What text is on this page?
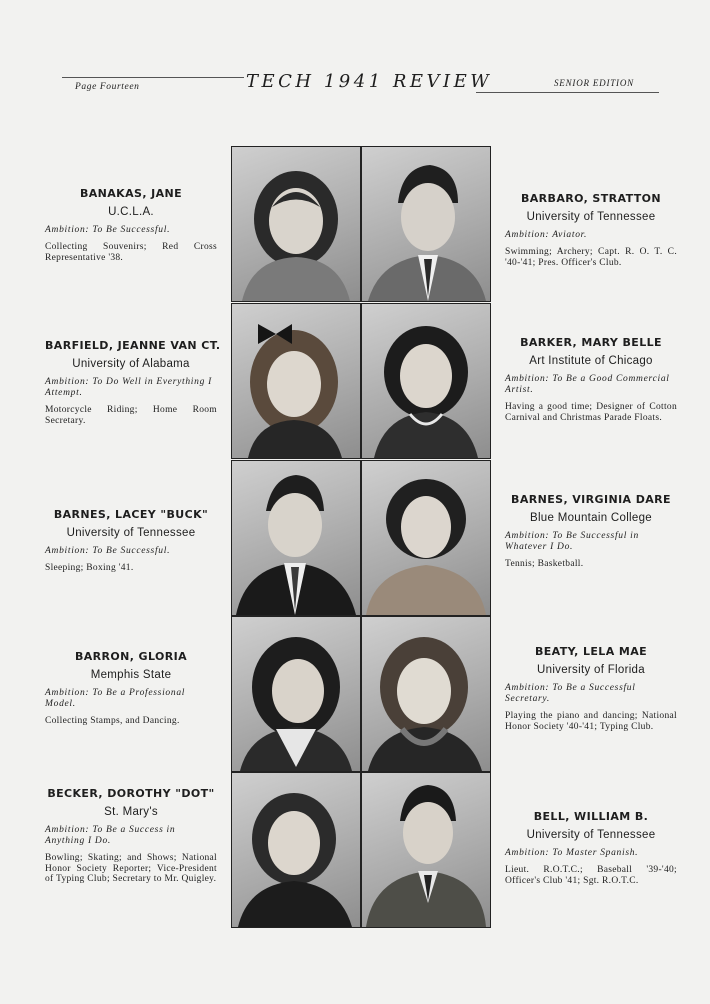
Page Fourteen	TECH 1941 REVIEW	SENIOR EDITION

BANAKAS, JANE

U.C.L.A.

Ambition: To Be Successful.

Collecting Souvenirs; Red Cross Representative '38.

BARBARO, STRATTON

University of Tennessee

Ambition: Aviator.

Swimming; Archery; Capt. R. O. T. C. '40-'41; Pres. Officer's Club.

BARFIELD, JEANNE VAN CT.

University of Alabama

Ambition: To Do Well in Everything I Attempt.

Motorcycle Riding; Home Room Secretary.

BARKER, MARY BELLE

Art Institute of Chicago

Ambition: To Be a Good Commercial Artist.

Having a good time; Designer of Cotton Carnival and Christmas Parade Floats.

BARNES, LACEY "BUCK"

University of Tennessee

Ambition: To Be Successful.

Sleeping; Boxing '41.

BARNES, VIRGINIA DARE

Blue Mountain College

Ambition: To Be Successful in Whatever I Do.

Tennis; Basketball.

BARRON, GLORIA

Memphis State

Ambition: To Be a Professional Model.

Collecting Stamps, and Dancing.

BEATY, LELA MAE

University of Florida

Ambition: To Be a Successful Secretary.

Playing the piano and dancing; National Honor Society '40-'41; Typing Club.

BECKER, DOROTHY "DOT"

St. Mary's

Ambition: To Be a Success in Anything I Do.

Bowling; Skating; and Shows; National Honor Society Reporter; Vice-President of Typing Club; Secretary to Mr. Quigley.

BELL, WILLIAM B.

University of Tennessee

Ambition: To Master Spanish.

Lieut. R.O.T.C.; Baseball '39-'40; Officer's Club '41; Sgt. R.O.T.C.
